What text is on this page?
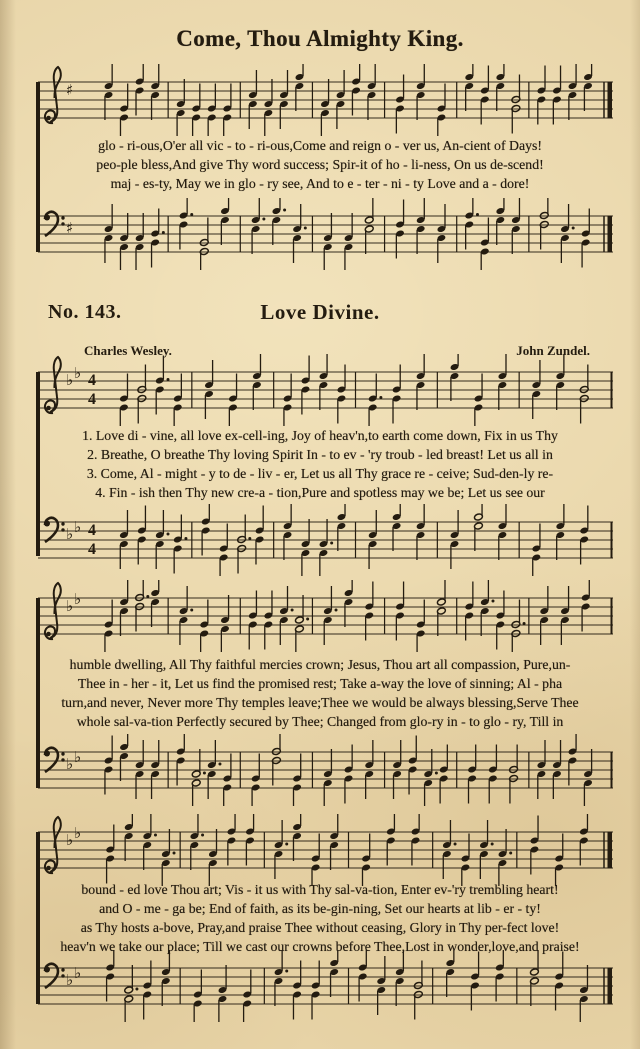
Come, Thou Almighty King.
♯
glo - ri-ous,O'er all vic - to - ri-ous,Come and reign o - ver us, An-cient of Days!
peo-ple bless,And give Thy word success; Spir-it of ho - li-ness, On us de-scend!
maj - es-ty, May we in glo - ry see, And to e - ter - ni - ty Love and a - dore!
♯
No. 143.	Love Divine.
Charles Wesley.	John Zundel.
♭ ♭ 4
4
1. Love di - vine, all love ex-cell-ing, Joy of heav'n,to earth come down, Fix in us Thy
2. Breathe, O breathe Thy loving Spirit In - to ev - 'ry troub - led breast! Let us all in
3. Come, Al - might - y to de - liv - er, Let us all Thy grace re - ceive; Sud-den-ly re-
4. Fin - ish then Thy new cre-a - tion,Pure and spotless may we be; Let us see our
♭ ♭ 4
4
♭ ♭
humble dwelling, All Thy faithful mercies crown; Jesus, Thou art all compassion, Pure,un-
Thee in - her - it, Let us find the promised rest; Take a-way the love of sinning; Al - pha
turn,and never, Never more Thy temples leave;Thee we would be always blessing,Serve Thee
whole sal-va-tion Perfectly secured by Thee; Changed from glo-ry in - to glo - ry, Till in
♭ ♭
♭ ♭
bound - ed love Thou art; Vis - it us with Thy sal-va-tion, Enter ev-'ry trembling heart!
and O - me - ga be; End of faith, as its be-gin-ning, Set our hearts at lib - er - ty!
as Thy hosts a-bove, Pray,and praise Thee without ceasing, Glory in Thy per-fect love!
heav'n we take our place; Till we cast our crowns before Thee,Lost in wonder,love,and praise!
♭ ♭
